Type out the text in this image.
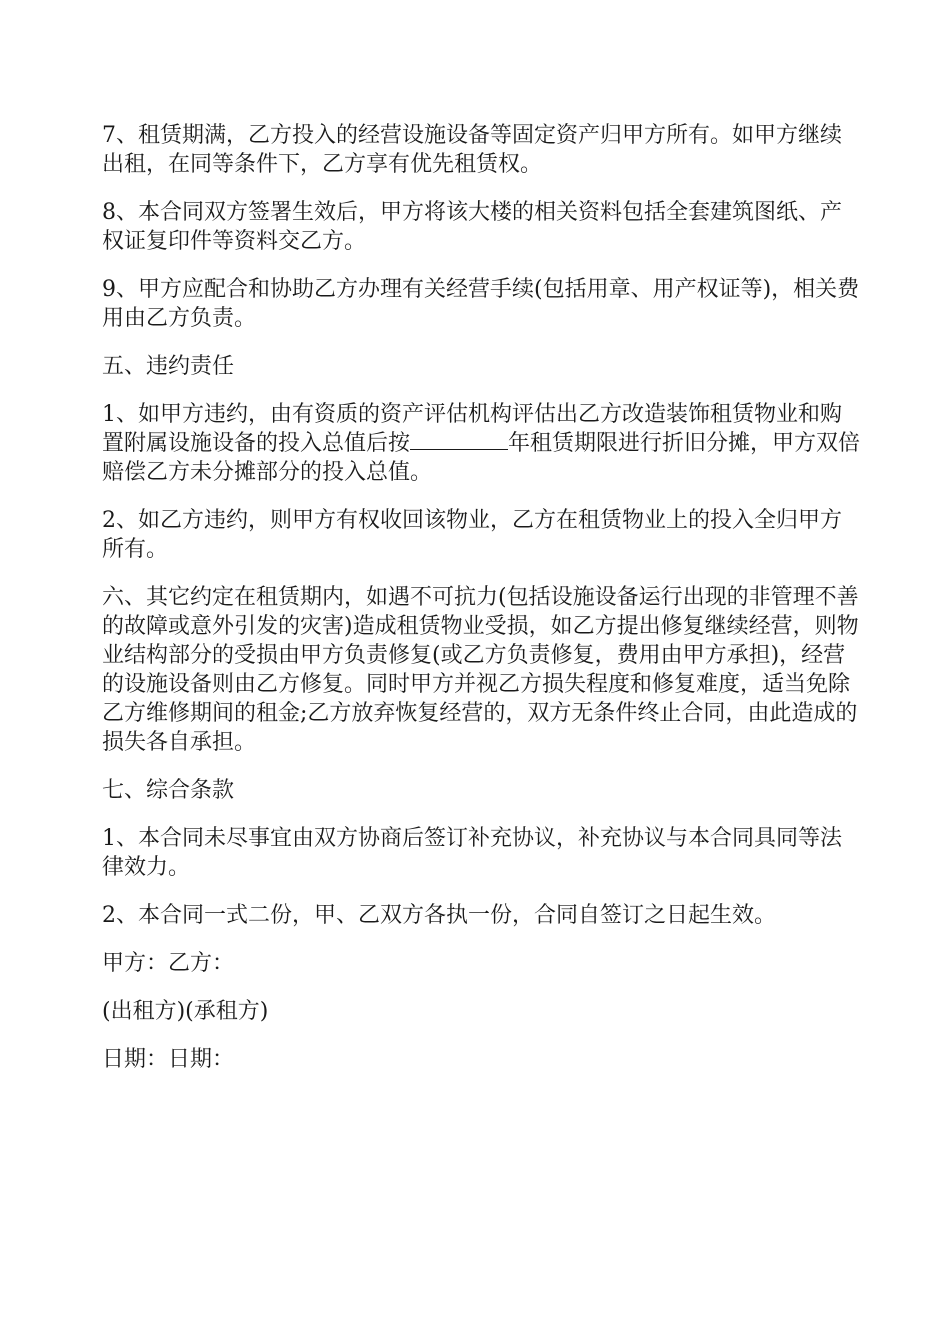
7、租赁期满，乙方投入的经营设施设备等固定资产归甲方所有。如甲方继续出租，在同等条件下，乙方享有优先租赁权。

8、本合同双方签署生效后，甲方将该大楼的相关资料包括全套建筑图纸、产权证复印件等资料交乙方。

9、甲方应配合和协助乙方办理有关经营手续(包括用章、用产权证等)，相关费用由乙方负责。

五、违约责任

1、如甲方违约，由有资质的资产评估机构评估出乙方改造装饰租赁物业和购置附属设施设备的投入总值后按	年租赁期限进行折旧分摊，甲方双倍赔偿乙方未分摊部分的投入总值。

2、如乙方违约，则甲方有权收回该物业，乙方在租赁物业上的投入全归甲方所有。

六、其它约定在租赁期内，如遇不可抗力(包括设施设备运行出现的非管理不善的故障或意外引发的灾害)造成租赁物业受损，如乙方提出修复继续经营，则物业结构部分的受损由甲方负责修复(或乙方负责修复，费用由甲方承担)，经营的设施设备则由乙方修复。同时甲方并视乙方损失程度和修复难度，适当免除乙方维修期间的租金;乙方放弃恢复经营的，双方无条件终止合同，由此造成的损失各自承担。

七、综合条款

1、本合同未尽事宜由双方协商后签订补充协议，补充协议与本合同具同等法律效力。

2、本合同一式二份，甲、乙双方各执一份，合同自签订之日起生效。

甲方：乙方：

(出租方)(承租方)

日期：日期：
